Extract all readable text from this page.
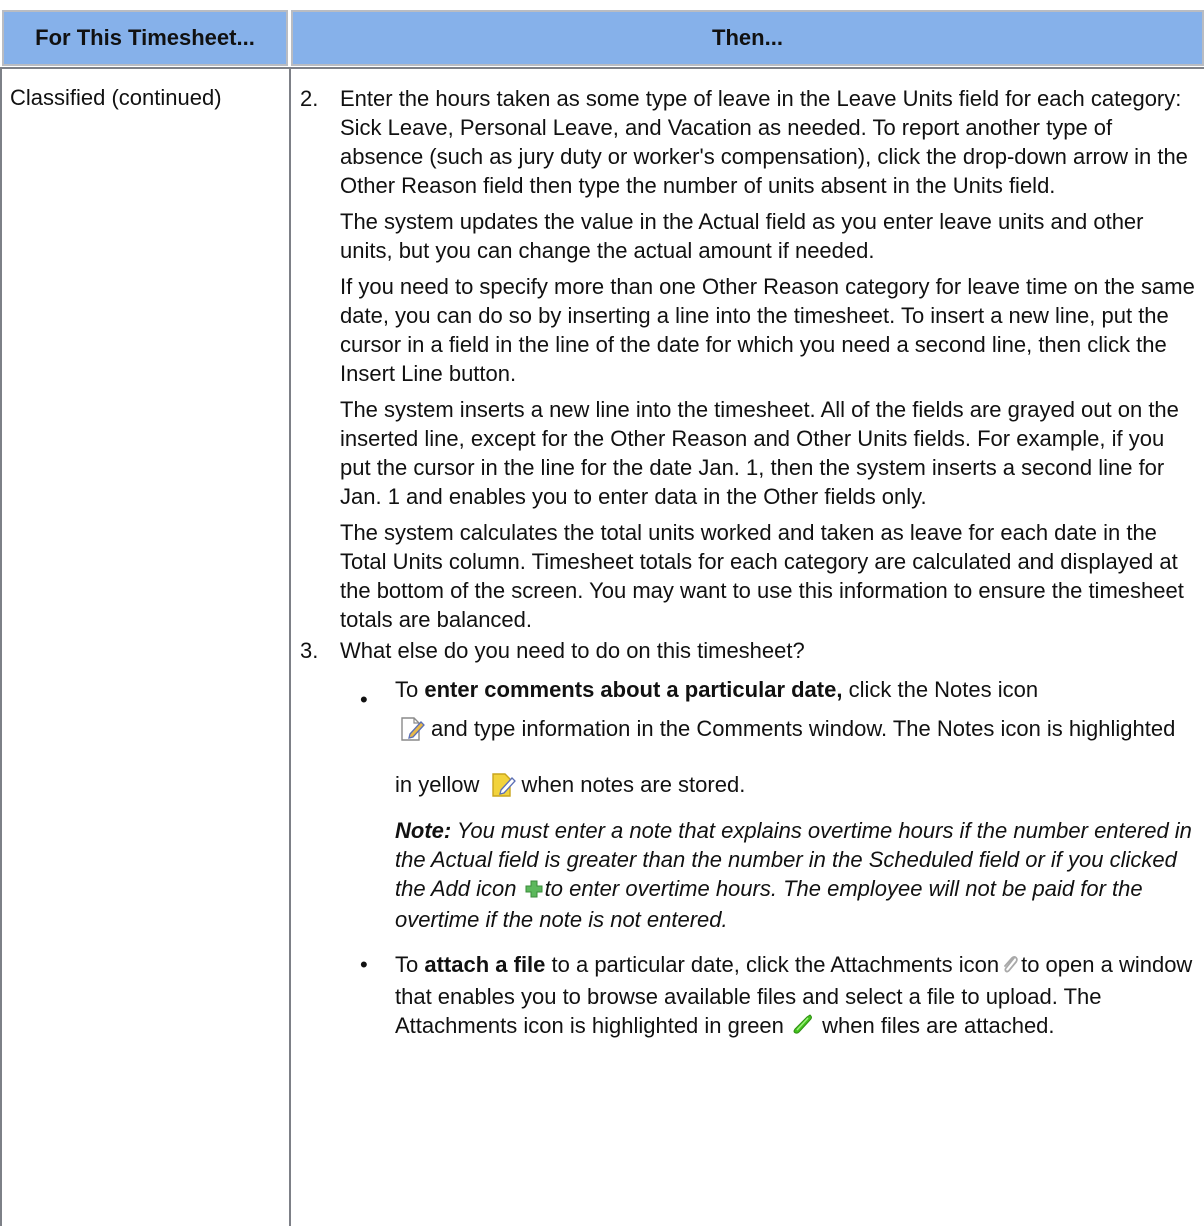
For This Timesheet...	Then...
Classified (continued)	2. Enter the hours taken as some type of leave in the Leave Units field for each category: Sick Leave, Personal Leave, and Vacation as needed. To report another type of absence (such as jury duty or worker's compensation), click the drop-down arrow in the Other Reason field then type the number of units absent in the Units field.

The system updates the value in the Actual field as you enter leave units and other units, but you can change the actual amount if needed.

If you need to specify more than one Other Reason category for leave time on the same date, you can do so by inserting a line into the timesheet. To insert a new line, put the cursor in a field in the line of the date for which you need a second line, then click the Insert Line button.

The system inserts a new line into the timesheet. All of the fields are grayed out on the inserted line, except for the Other Reason and Other Units fields. For example, if you put the cursor in the line for the date Jan. 1, then the system inserts a second line for Jan. 1 and enables you to enter data in the Other fields only.

The system calculates the total units worked and taken as leave for each date in the Total Units column. Timesheet totals for each category are calculated and displayed at the bottom of the screen. You may want to use this information to ensure the timesheet totals are balanced.

3. What else do you need to do on this timesheet?

• To enter comments about a particular date, click the Notes icon

and type information in the Comments window. The Notes icon is highlighted in yellow when notes are stored.

Note: You must enter a note that explains overtime hours if the number entered in the Actual field is greater than the number in the Scheduled field or if you clicked the Add icon to enter overtime hours. The employee will not be paid for the overtime if the note is not entered.

• To attach a file to a particular date, click the Attachments icon to open a window that enables you to browse available files and select a file to upload. The Attachments icon is highlighted in green when files are attached.
